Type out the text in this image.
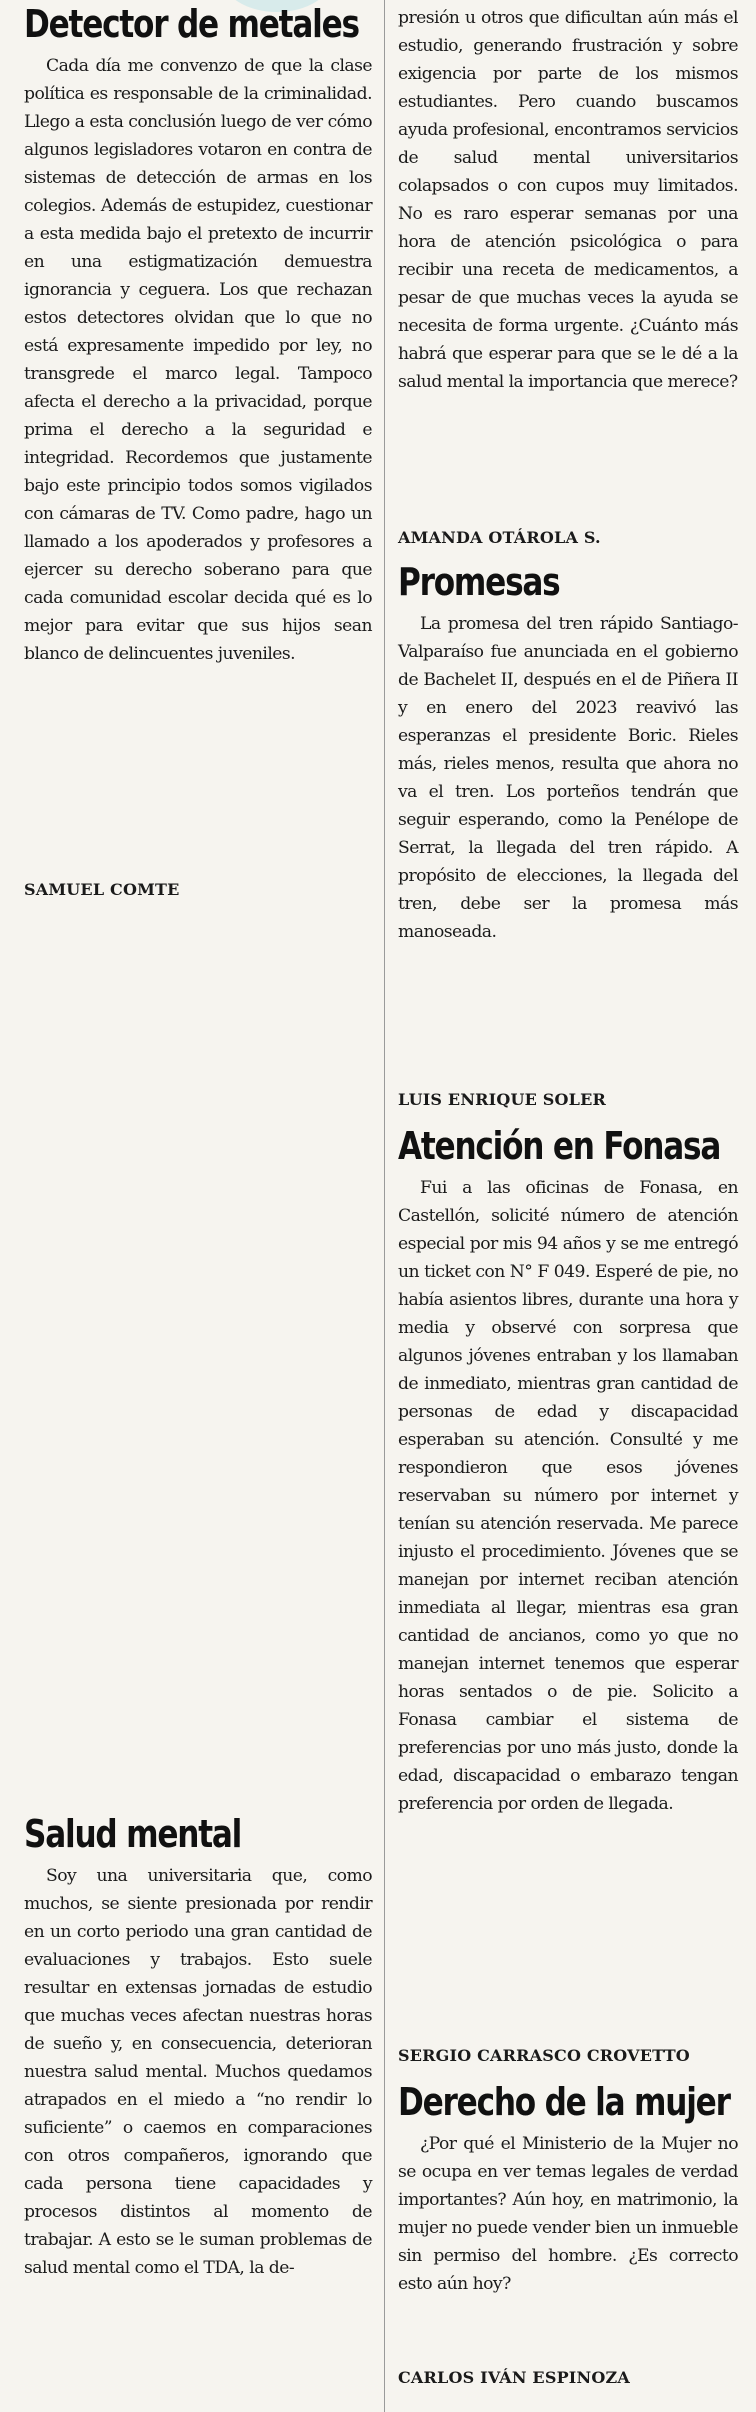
Detector de metales

Cada día me convenzo de que la clase política es responsable de la criminalidad. Llego a esta conclusión luego de ver cómo algunos legisladores votaron en contra de sistemas de detección de armas en los colegios. Además de estupidez, cuestionar a esta medida bajo el pretexto de incurrir en una estigmatización demuestra ignorancia y ceguera. Los que rechazan estos detectores olvidan que lo que no está expresamente impedido por ley, no transgrede el marco legal. Tampoco afecta el derecho a la privacidad, porque prima el derecho a la seguridad e integridad. Recordemos que justamente bajo este principio todos somos vigilados con cámaras de TV. Como padre, hago un llamado a los apoderados y profesores a ejercer su derecho soberano para que cada comunidad escolar decida qué es lo mejor para evitar que sus hijos sean blanco de delincuentes juveniles.

SAMUEL COMTE
Salud mental

Soy una universitaria que, como muchos, se siente presionada por rendir en un corto periodo una gran cantidad de evaluaciones y trabajos. Esto suele resultar en extensas jornadas de estudio que muchas veces afectan nuestras horas de sueño y, en consecuencia, deterioran nuestra salud mental. Muchos quedamos atrapados en el miedo a “no rendir lo suficiente” o caemos en comparaciones con otros compañeros, ignorando que cada persona tiene capacidades y procesos distintos al momento de trabajar. A esto se le suman problemas de salud mental como el TDA, la de-

presión u otros que dificultan aún más el estudio, generando frustración y sobre exigencia por parte de los mismos estudiantes. Pero cuando buscamos ayuda profesional, encontramos servicios de salud mental universitarios colapsados o con cupos muy limitados. No es raro esperar semanas por una hora de atención psicológica o para recibir una receta de medicamentos, a pesar de que muchas veces la ayuda se necesita de forma urgente. ¿Cuánto más habrá que esperar para que se le dé a la salud mental la importancia que merece?

AMANDA OTÁROLA S.
Promesas

La promesa del tren rápido Santiago-Valparaíso fue anunciada en el gobierno de Bachelet II, después en el de Piñera II y en enero del 2023 reavivó las esperanzas el presidente Boric. Rieles más, rieles menos, resulta que ahora no va el tren. Los porteños tendrán que seguir esperando, como la Penélope de Serrat, la llegada del tren rápido. A propósito de elecciones, la llegada del tren, debe ser la promesa más manoseada.

LUIS ENRIQUE SOLER
Atención en Fonasa

Fui a las oficinas de Fonasa, en Castellón, solicité número de atención especial por mis 94 años y se me entregó un ticket con N° F 049. Esperé de pie, no había asientos libres, durante una hora y media y observé con sorpresa que algunos jóvenes entraban y los llamaban de inmediato, mientras gran cantidad de personas de edad y discapacidad esperaban su atención. Consulté y me respondieron que esos jóvenes reservaban su número por internet y tenían su atención reservada. Me parece injusto el procedimiento. Jóvenes que se manejan por internet reciban atención inmediata al llegar, mientras esa gran cantidad de ancianos, como yo que no manejan internet tenemos que esperar horas sentados o de pie. Solicito a Fonasa cambiar el sistema de preferencias por uno más justo, donde la edad, discapacidad o embarazo tengan preferencia por orden de llegada.

SERGIO CARRASCO CROVETTO
Derecho de la mujer

¿Por qué el Ministerio de la Mujer no se ocupa en ver temas legales de verdad importantes? Aún hoy, en matrimonio, la mujer no puede vender bien un inmueble sin permiso del hombre. ¿Es correcto esto aún hoy?

CARLOS IVÁN ESPINOZA
